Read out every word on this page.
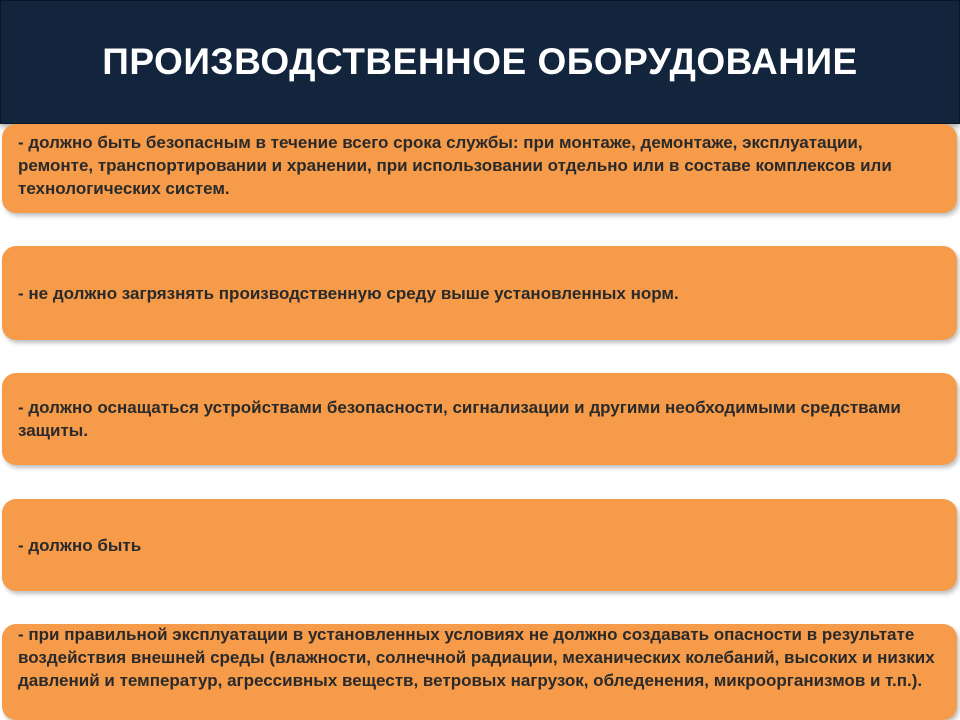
ПРОИЗВОДСТВЕННОЕ ОБОРУДОВАНИЕ
- должно быть безопасным в течение всего срока службы: при монтаже, демонтаже, эксплуатации, ремонте, транспортировании и хранении, при использовании отдельно или в составе комплексов или технологических систем.
- не должно загрязнять производственную среду выше установленных норм.
- должно оснащаться устройствами безопасности, сигнализации и другими необходимыми средствами защиты.
- должно быть
- при правильной эксплуатации в установленных условиях не должно создавать опасности в результате воздействия внешней среды (влажности, солнечной радиации, механических колебаний, высоких и низких давлений и температур, агрессивных веществ, ветровых нагрузок, обледенения, микроорганизмов и т.п.).
